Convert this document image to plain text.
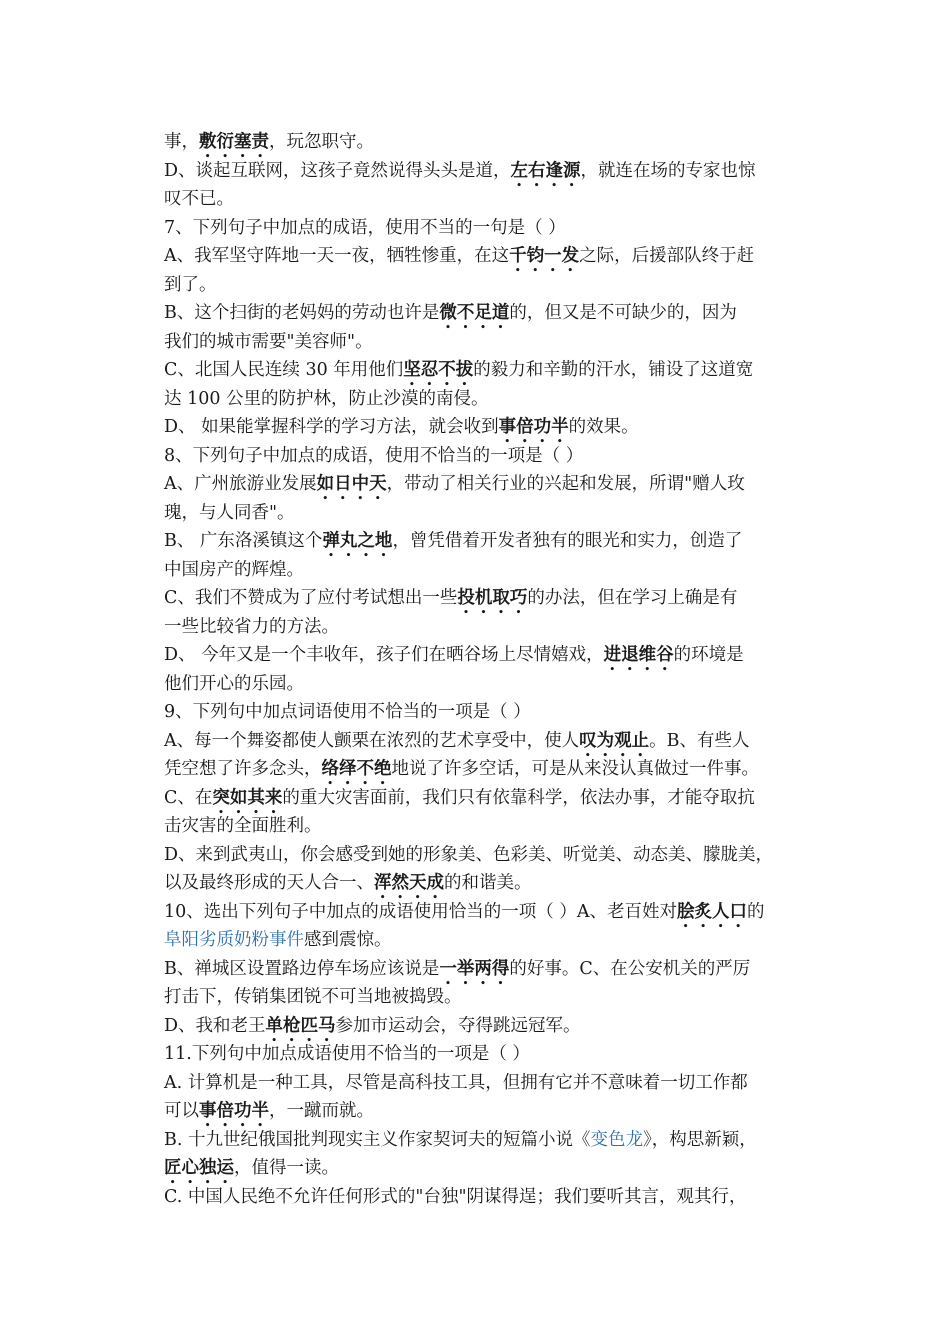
事，敷衍塞责，玩忽职守。
D、谈起互联网，这孩子竟然说得头头是道，左右逢源，就连在场的专家也惊
叹不已。
7、下列句子中加点的成语，使用不当的一句是（ ）
A、我军坚守阵地一天一夜，牺牲惨重，在这千钧一发之际，后援部队终于赶
到了。
B、这个扫街的老妈妈的劳动也许是微不足道的，但又是不可缺少的，因为
我们的城市需要"美容师"。
C、北国人民连续 30 年用他们坚忍不拔的毅力和辛勤的汗水，铺设了这道宽
达 100 公里的防护林，防止沙漠的南侵。
D、 如果能掌握科学的学习方法，就会收到事倍功半的效果。
8、下列句子中加点的成语，使用不恰当的一项是（ ）
A、广州旅游业发展如日中天，带动了相关行业的兴起和发展，所谓"赠人玫
瑰，与人同香"。
B、 广东洛溪镇这个弹丸之地，曾凭借着开发者独有的眼光和实力，创造了
中国房产的辉煌。
C、我们不赞成为了应付考试想出一些投机取巧的办法，但在学习上确是有
一些比较省力的方法。
D、 今年又是一个丰收年，孩子们在晒谷场上尽情嬉戏，进退维谷的环境是
他们开心的乐园。
9、下列句中加点词语使用不恰当的一项是（ ）
A、每一个舞姿都使人颤栗在浓烈的艺术享受中，使人叹为观止。B、有些人
凭空想了许多念头，络绎不绝地说了许多空话，可是从来没认真做过一件事。
C、在突如其来的重大灾害面前，我们只有依靠科学，依法办事，才能夺取抗
击灾害的全面胜利。
D、来到武夷山，你会感受到她的形象美、色彩美、听觉美、动态美、朦胧美，
以及最终形成的天人合一、浑然天成的和谐美。
10、选出下列句子中加点的成语使用恰当的一项（ ）A、老百姓对脍炙人口的
阜阳劣质奶粉事件感到震惊。
B、禅城区设置路边停车场应该说是一举两得的好事。C、在公安机关的严厉
打击下，传销集团锐不可当地被捣毁。
D、我和老王单枪匹马参加市运动会，夺得跳远冠军。
11.下列句中加点成语使用不恰当的一项是（ ）
A. 计算机是一种工具，尽管是高科技工具，但拥有它并不意味着一切工作都
可以事倍功半，一蹴而就。
B. 十九世纪俄国批判现实主义作家契诃夫的短篇小说《变色龙》，构思新颖，
匠心独运，值得一读。
C. 中国人民绝不允许任何形式的"台独"阴谋得逞；我们要听其言，观其行，
